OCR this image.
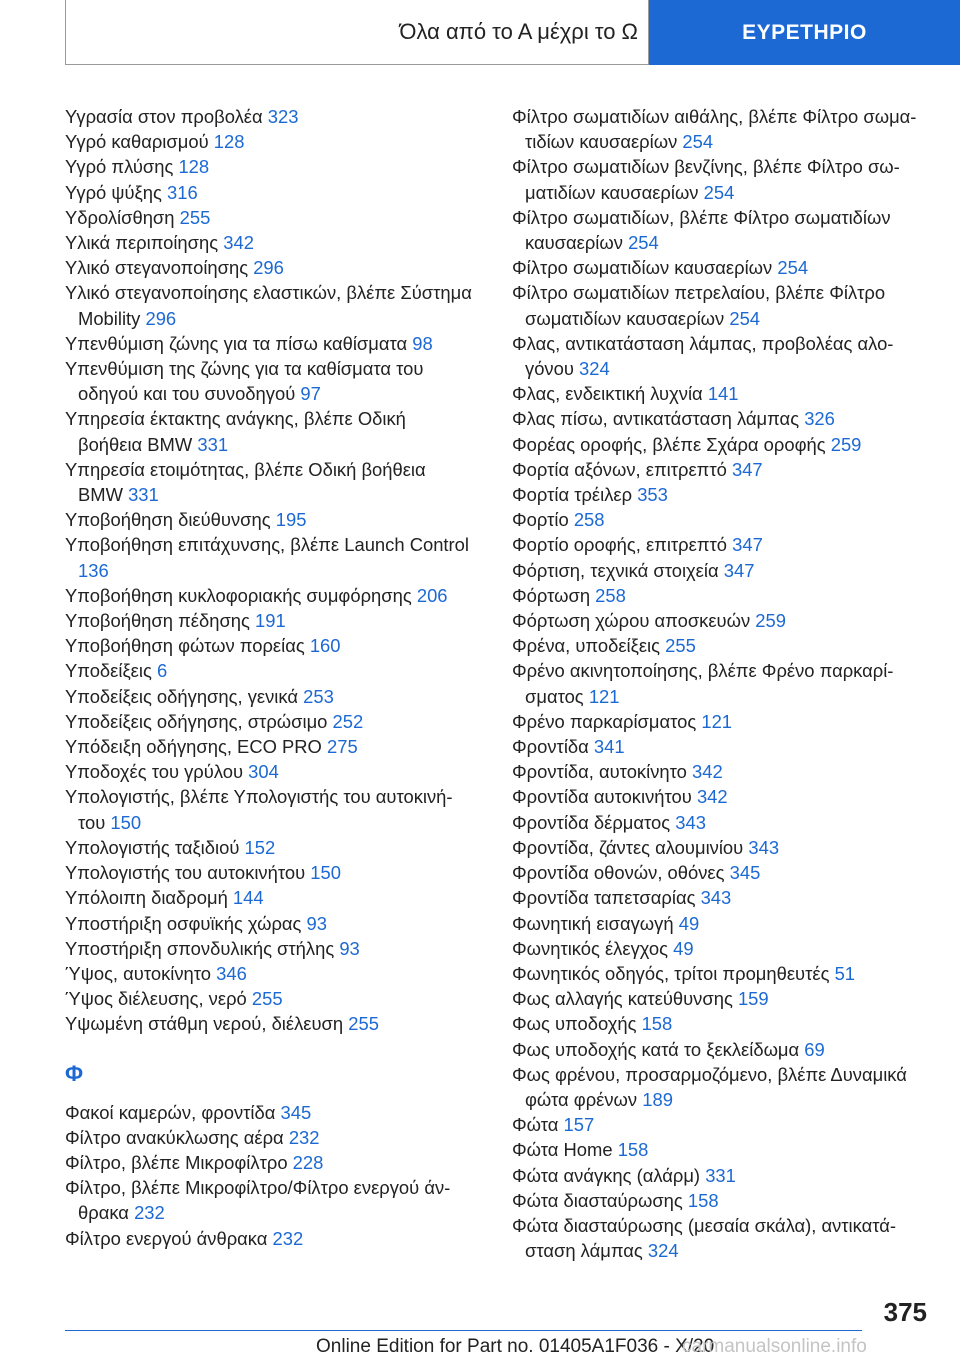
Όλα από το Α μέχρι το Ω	ΕΥΡΕΤΗΡΙΟ
Υγρασία στον προβολέα 323
Υγρό καθαρισμού 128
Υγρό πλύσης 128
Υγρό ψύξης 316
Υδρολίσθηση 255
Υλικά περιποίησης 342
Υλικό στεγανοποίησης 296
Υλικό στεγανοποίησης ελαστικών, βλέπε Σύστημα Mobility 296
Υπενθύμιση ζώνης για τα πίσω καθίσματα 98
Υπενθύμιση της ζώνης για τα καθίσματα του οδηγού και του συνοδηγού 97
Υπηρεσία έκτακτης ανάγκης, βλέπε Οδική βοήθεια BMW 331
Υπηρεσία ετοιμότητας, βλέπε Οδική βοήθεια BMW 331
Υποβοήθηση διεύθυνσης 195
Υποβοήθηση επιτάχυνσης, βλέπε Launch Control 136
Υποβοήθηση κυκλοφοριακής συμφόρησης 206
Υποβοήθηση πέδησης 191
Υποβοήθηση φώτων πορείας 160
Υποδείξεις 6
Υποδείξεις οδήγησης, γενικά 253
Υποδείξεις οδήγησης, στρώσιμο 252
Υπόδειξη οδήγησης, ECO PRO 275
Υποδοχές του γρύλου 304
Υπολογιστής, βλέπε Υπολογιστής του αυτοκινή-του 150
Υπολογιστής ταξιδιού 152
Υπολογιστής του αυτοκινήτου 150
Υπόλοιπη διαδρομή 144
Υποστήριξη οσφυϊκής χώρας 93
Υποστήριξη σπονδυλικής στήλης 93
Ύψος, αυτοκίνητο 346
Ύψος διέλευσης, νερό 255
Υψωμένη στάθμη νερού, διέλευση 255
Φ
Φακοί καμερών, φροντίδα 345
Φίλτρο ανακύκλωσης αέρα 232
Φίλτρο, βλέπε Μικροφίλτρο 228
Φίλτρο, βλέπε Μικροφίλτρο/Φίλτρο ενεργού άν-θρακα 232
Φίλτρο ενεργού άνθρακα 232
Φίλτρο σωματιδίων αιθάλης, βλέπε Φίλτρο σωμα-τιδίων καυσαερίων 254
Φίλτρο σωματιδίων βενζίνης, βλέπε Φίλτρο σω-ματιδίων καυσαερίων 254
Φίλτρο σωματιδίων, βλέπε Φίλτρο σωματιδίων καυσαερίων 254
Φίλτρο σωματιδίων καυσαερίων 254
Φίλτρο σωματιδίων πετρελαίου, βλέπε Φίλτρο σωματιδίων καυσαερίων 254
Φλας, αντικατάσταση λάμπας, προβολέας αλο-γόνου 324
Φλας, ενδεικτική λυχνία 141
Φλας πίσω, αντικατάσταση λάμπας 326
Φορέας οροφής, βλέπε Σχάρα οροφής 259
Φορτία αξόνων, επιτρεπτό 347
Φορτία τρέιλερ 353
Φορτίο 258
Φορτίο οροφής, επιτρεπτό 347
Φόρτιση, τεχνικά στοιχεία 347
Φόρτωση 258
Φόρτωση χώρου αποσκευών 259
Φρένα, υποδείξεις 255
Φρένο ακινητοποίησης, βλέπε Φρένο παρκαρί-σματος 121
Φρένο παρκαρίσματος 121
Φροντίδα 341
Φροντίδα, αυτοκίνητο 342
Φροντίδα αυτοκινήτου 342
Φροντίδα δέρματος 343
Φροντίδα, ζάντες αλουμινίου 343
Φροντίδα οθονών, οθόνες 345
Φροντίδα ταπετσαρίας 343
Φωνητική εισαγωγή 49
Φωνητικός έλεγχος 49
Φωνητικός οδηγός, τρίτοι προμηθευτές 51
Φως αλλαγής κατεύθυνσης 159
Φως υποδοχής 158
Φως υποδοχής κατά το ξεκλείδωμα 69
Φως φρένου, προσαρμοζόμενο, βλέπε Δυναμικά φώτα φρένων 189
Φώτα 157
Φώτα Home 158
Φώτα ανάγκης (αλάρμ) 331
Φώτα διασταύρωσης 158
Φώτα διασταύρωσης (μεσαία σκάλα), αντικατά-σταση λάμπας 324
375
Online Edition for Part no. 01405A1F036 - X/20
carmanualsonline.info
